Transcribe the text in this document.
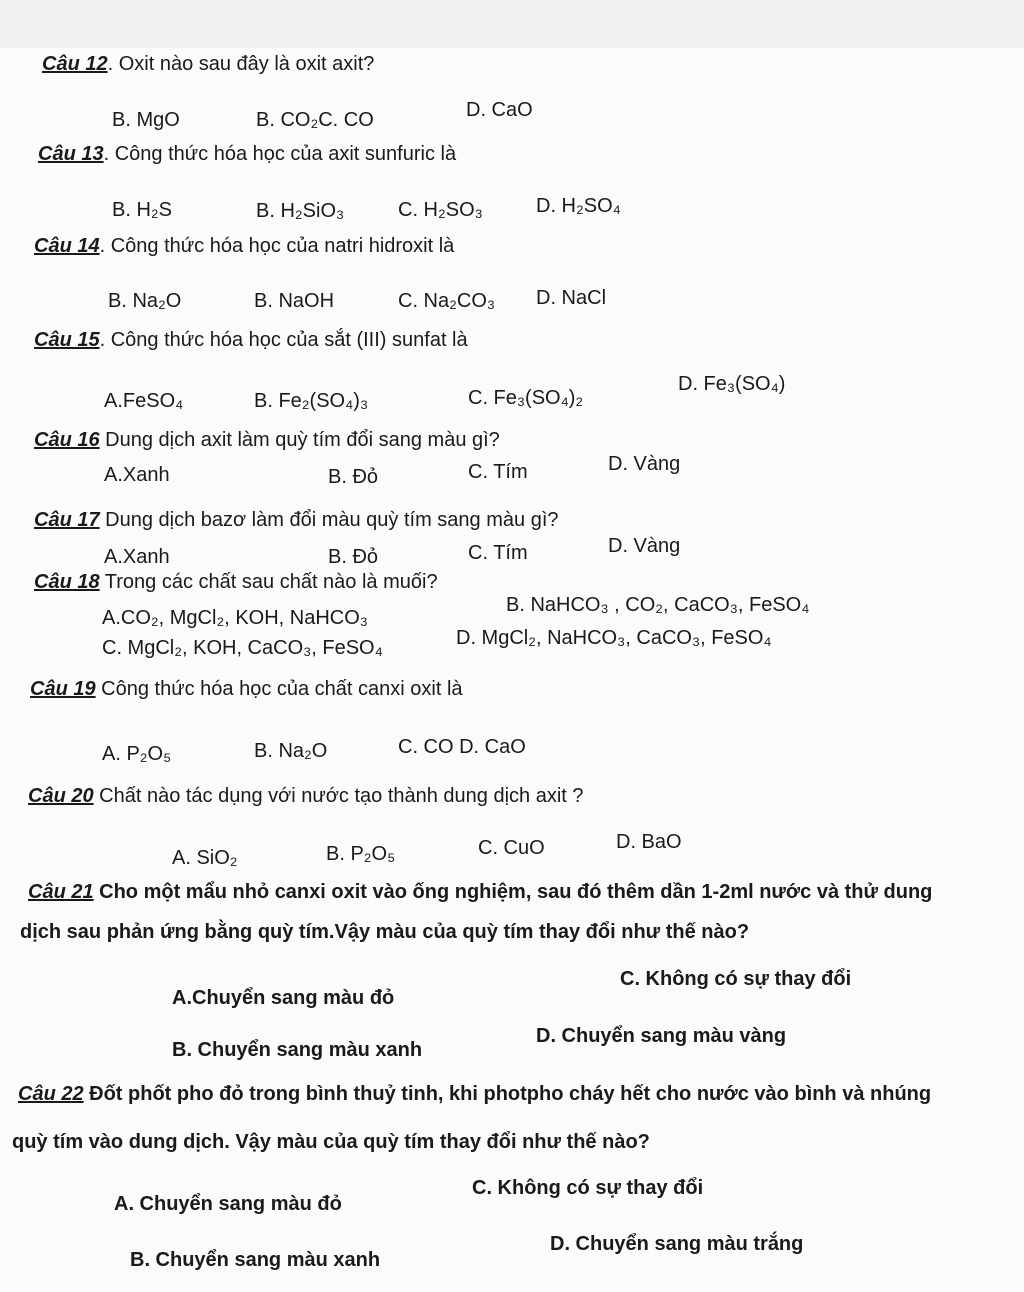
Câu 12. Oxit nào sau đây là oxit axit?
B. MgO	B. CO₂C. CO	D. CaO
Câu 13. Công thức hóa học của axit sunfuric là
B. H₂S	B. H₂SiO₃	C. H₂SO₃	D. H₂SO₄
Câu 14. Công thức hóa học của natri hidroxit là
B. Na₂O	B. NaOH	C. Na₂CO₃ D. NaCl
Câu 15. Công thức hóa học của sắt (III) sunfat là
A.FeSO₄	B. Fe₂(SO₄)₃	C. Fe₃(SO₄)₂
D. Fe₃(SO₄)
Câu 16 Dung dịch axit làm quỳ tím đổi sang màu gì?
A.Xanh	B. Đỏ	C. Tím	D. Vàng
Câu 17 Dung dịch bazơ làm đổi màu quỳ tím sang màu gì?
A.Xanh	B. Đỏ	C. Tím	D. Vàng
Câu 18 Trong các chất sau chất nào là muối?
A.CO₂, MgCl₂, KOH, NaHCO₃
B. NaHCO₃ , CO₂, CaCO₃, FeSO₄
C. MgCl₂, KOH, CaCO₃, FeSO₄	D. MgCl₂, NaHCO₃, CaCO₃, FeSO₄
Câu 19 Công thức hóa học của chất canxi oxit là
A. P₂O₅	B. Na₂O	C. CO D. CaO
Câu 20 Chất nào tác dụng với nước tạo thành dung dịch axit ?
A. SiO₂	B. P₂O₅	C. CuO	D. BaO
Câu 21 Cho một mẩu nhỏ canxi oxit vào ống nghiệm, sau đó thêm dần 1-2ml nước và thử dung
dịch sau phản ứng bằng quỳ tím.Vậy màu của quỳ tím thay đổi như thế nào?
A.Chuyển sang màu đỏ
C. Không có sự thay đổi
B. Chuyển sang màu xanh
D. Chuyển sang màu vàng
Câu 22 Đốt phốt pho đỏ trong bình thuỷ tinh, khi photpho cháy hết cho nước vào bình và nhúng
quỳ tím vào dung dịch. Vậy màu của quỳ tím thay đổi như thế nào?
A. Chuyển sang màu đỏ
C. Không có sự thay đổi
B. Chuyển sang màu xanh
D. Chuyển sang màu trắng
